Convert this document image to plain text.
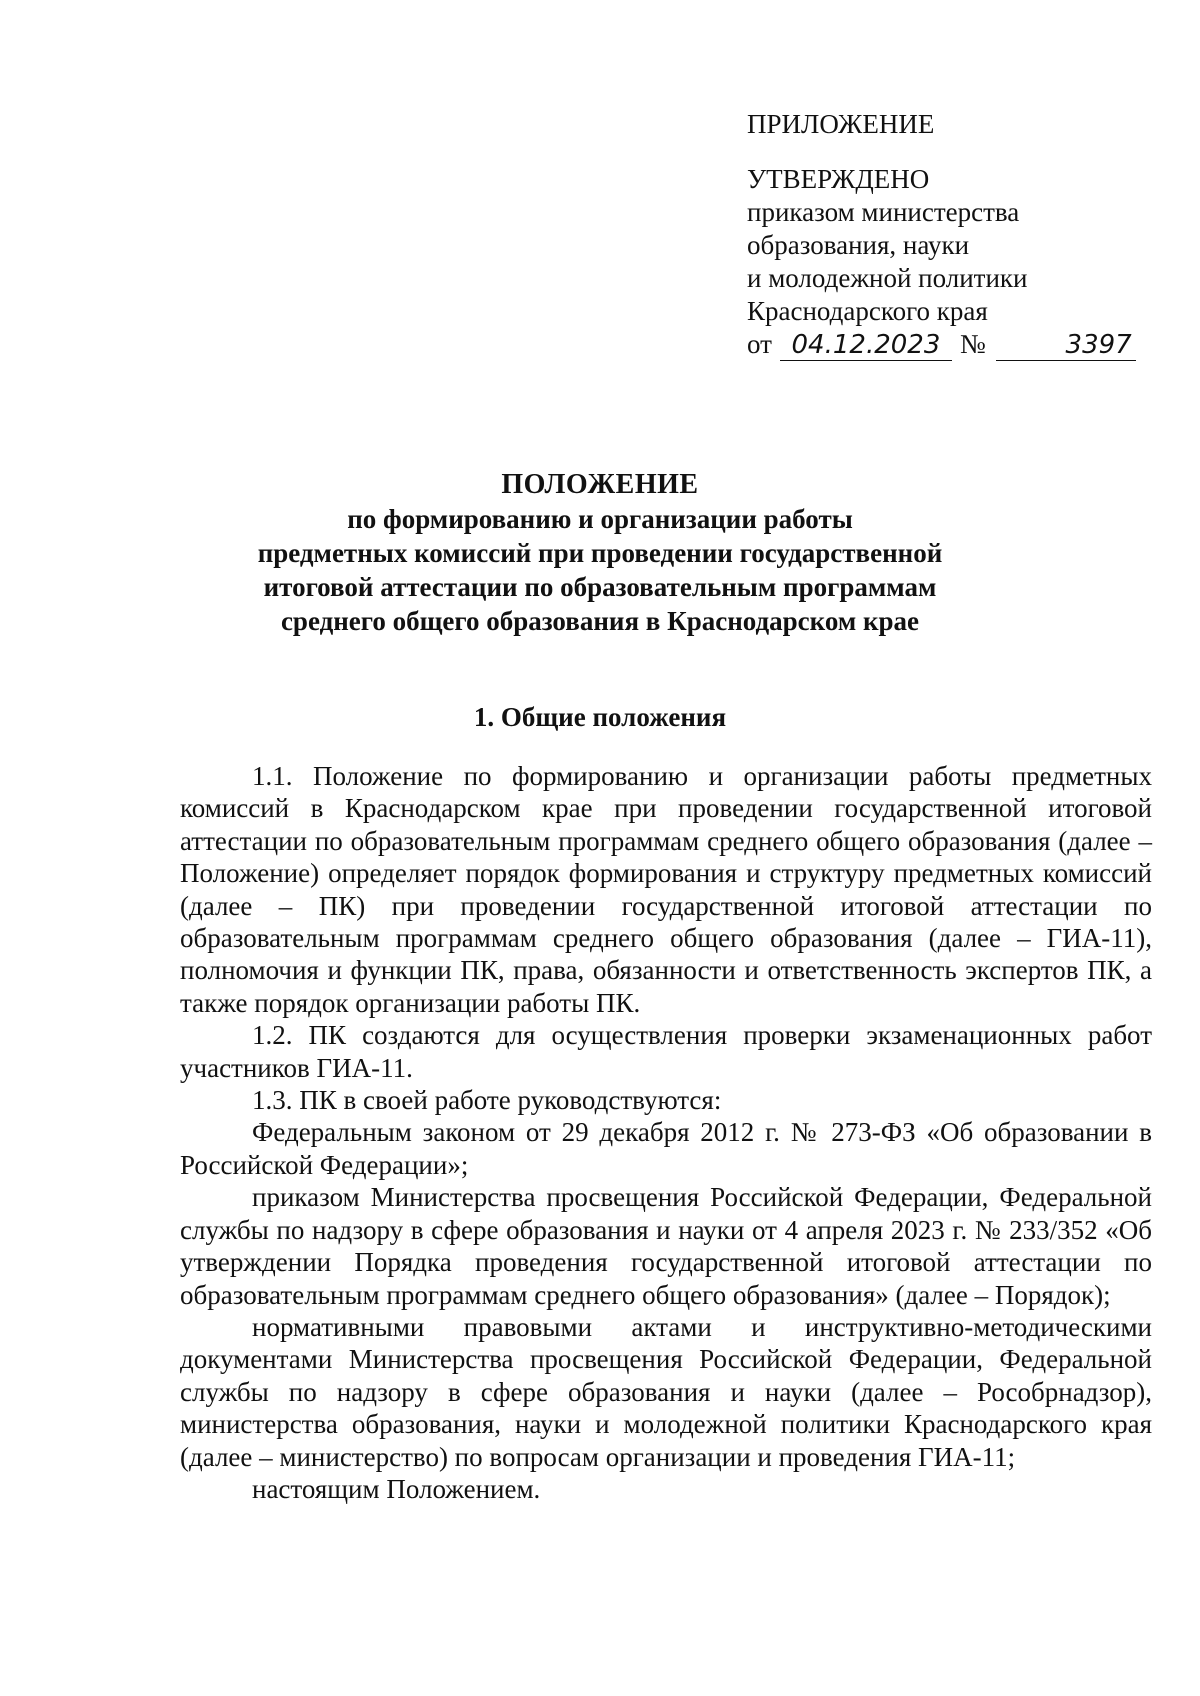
ПРИЛОЖЕНИЕ
УТВЕРЖДЕНО
приказом министерства
образования, науки
и молодежной политики
Краснодарского края
от 04.12.2023 №	3397
ПОЛОЖЕНИЕ
по формированию и организации работы
предметных комиссий при проведении государственной
итоговой аттестации по образовательным программам
среднего общего образования в Краснодарском крае
1. Общие положения

1.1. Положение по формированию и организации работы предметных комиссий в Краснодарском крае при проведении государственной итоговой аттестации по образовательным программам среднего общего образования (далее – Положение) определяет порядок формирования и структуру предметных комиссий (далее – ПК) при проведении государственной итоговой аттестации по образовательным программам среднего общего образования (далее – ГИА-11), полномочия и функции ПК, права, обязанности и ответственность экспертов ПК, а также порядок организации работы ПК.

1.2. ПК создаются для осуществления проверки экзаменационных работ участников ГИА-11.

1.3. ПК в своей работе руководствуются:

Федеральным законом от 29 декабря 2012 г. № 273-ФЗ «Об образовании в Российской Федерации»;

приказом Министерства просвещения Российской Федерации, Федеральной службы по надзору в сфере образования и науки от 4 апреля 2023 г. № 233/352 «Об утверждении Порядка проведения государственной итоговой аттестации по образовательным программам среднего общего образования» (далее – Порядок);

нормативными правовыми актами и инструктивно-методическими документами Министерства просвещения Российской Федерации, Федеральной службы по надзору в сфере образования и науки (далее – Рособрнадзор), министерства образования, науки и молодежной политики Краснодарского края (далее – министерство) по вопросам организации и проведения ГИА-11;

настоящим Положением.
